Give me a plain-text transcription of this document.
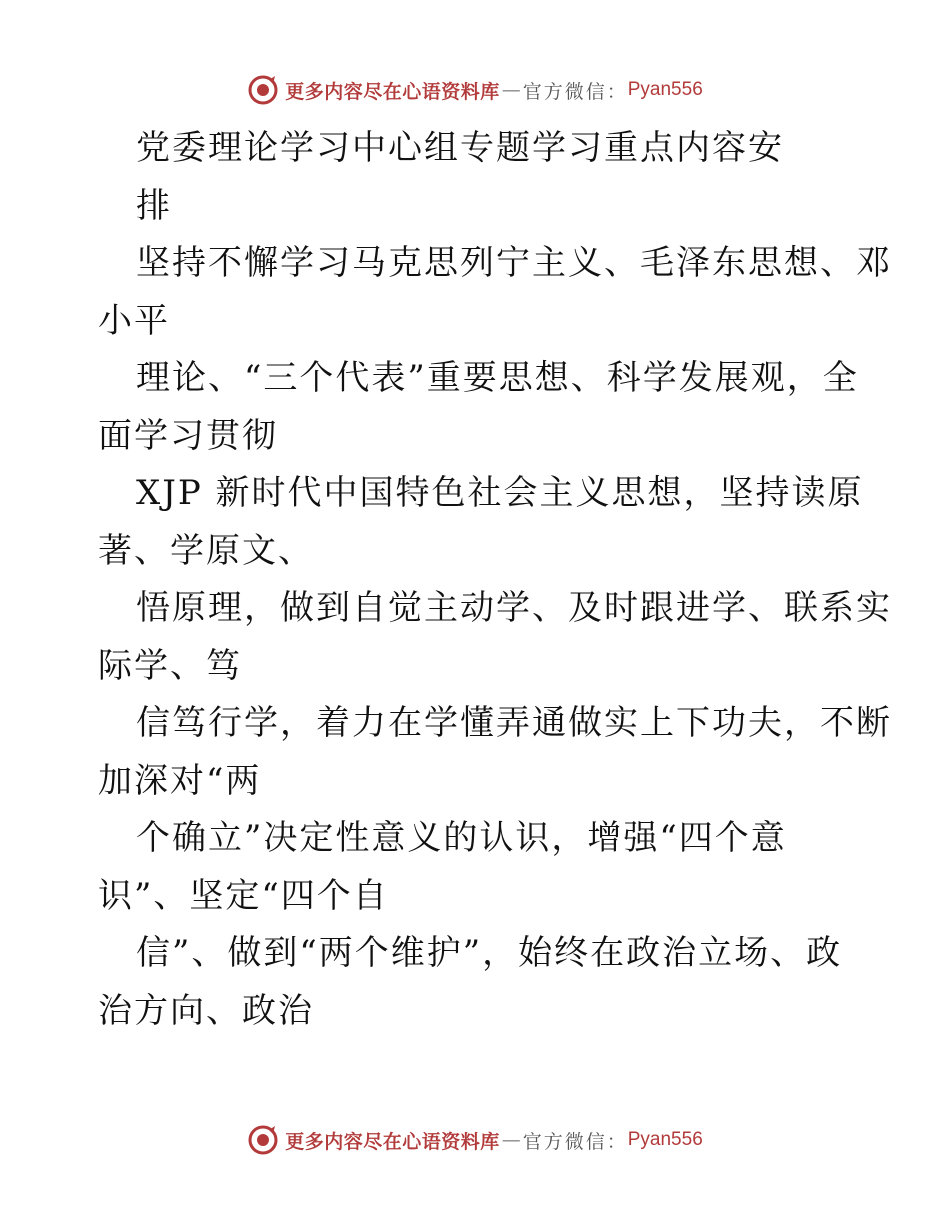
更多内容尽在心语资料库 — 官方微信： Pyan556
党委理论学习中心组专题学习重点内容安
排
坚持不懈学习马克思列宁主义、毛泽东思想、邓
小平
理论、“三个代表”重要思想、科学发展观，全
面学习贯彻
XJP 新时代中国特色社会主义思想，坚持读原
著、学原文、
悟原理，做到自觉主动学、及时跟进学、联系实
际学、笃
信笃行学，着力在学懂弄通做实上下功夫，不断
加深对“两
个确立”决定性意义的认识，增强“四个意
识”、坚定“四个自
信”、做到“两个维护”，始终在政治立场、政
治方向、政治
更多内容尽在心语资料库 — 官方微信： Pyan556
